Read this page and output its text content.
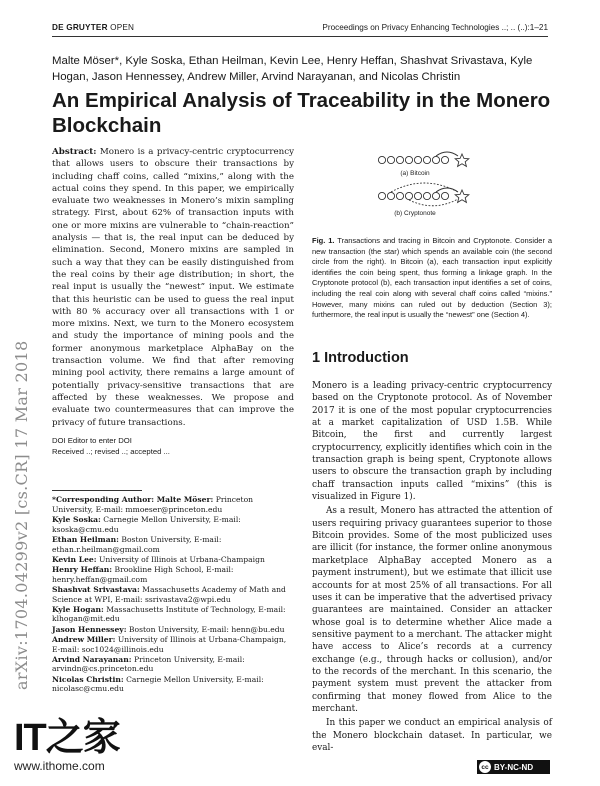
DE GRUYTER OPEN	Proceedings on Privacy Enhancing Technologies ..; .. (..):1–21
Malte Möser*, Kyle Soska, Ethan Heilman, Kevin Lee, Henry Heffan, Shashvat Srivastava, Kyle Hogan, Jason Hennessey, Andrew Miller, Arvind Narayanan, and Nicolas Christin
An Empirical Analysis of Traceability in the Monero Blockchain
arXiv:1704.04299v2 [cs.CR] 17 Mar 2018

Abstract: Monero is a privacy-centric cryptocurrency that allows users to obscure their transactions by including chaff coins, called “mixins,” along with the actual coins they spend. In this paper, we empirically evaluate two weaknesses in Monero’s mixin sampling strategy. First, about 62% of transaction inputs with one or more mixins are vulnerable to “chain-reaction” analysis — that is, the real input can be deduced by elimination. Second, Monero mixins are sampled in such a way that they can be easily distinguished from the real coins by their age distribution; in short, the real input is usually the “newest” input. We estimate that this heuristic can be used to guess the real input with 80 % accuracy over all transactions with 1 or more mixins. Next, we turn to the Monero ecosystem and study the importance of mining pools and the former anonymous marketplace AlphaBay on the transaction volume. We find that after removing mining pool activity, there remains a large amount of potentially privacy-sensitive transactions that are affected by these weaknesses. We propose and evaluate two countermeasures that can improve the privacy of future transactions.

DOI Editor to enter DOI
Received ..; revised ..; accepted ...

*Corresponding Author: Malte Möser: Princeton University, E-mail: mmoeser@princeton.edu

Kyle Soska: Carnegie Mellon University, E-mail: ksoska@cmu.edu

Ethan Heilman: Boston University, E-mail: ethan.r.heilman@gmail.com

Kevin Lee: University of Illinois at Urbana-Champaign

Henry Heffan: Brookline High School, E-mail: henry.heffan@gmail.com

Shashvat Srivastava: Massachusetts Academy of Math and Science at WPI, E-mail: ssrivastava2@wpi.edu

Kyle Hogan: Massachusetts Institute of Technology, E-mail: klhogan@mit.edu

Jason Hennessey: Boston University, E-mail: henn@bu.edu

Andrew Miller: University of Illinois at Urbana-Champaign, E-mail: soc1024@illinois.edu

Arvind Narayanan: Princeton University, E-mail: arvindn@cs.princeton.edu

Nicolas Christin: Carnegie Mellon University, E-mail: nicolasc@cmu.edu

(a) Bitcoin
(b) Cryptonote
Fig. 1. Transactions and tracing in Bitcoin and Cryptonote. Consider a new transaction (the star) which spends an available coin (the second circle from the right). In Bitcoin (a), each transaction input explicitly identifies the coin being spent, thus forming a linkage graph. In the Cryptonote protocol (b), each transaction input identifies a set of coins, including the real coin along with several chaff coins called “mixins.” However, many mixins can ruled out by deduction (Section 3); furthermore, the real input is usually the “newest” one (Section 4).
1 Introduction

Monero is a leading privacy-centric cryptocurrency based on the Cryptonote protocol. As of November 2017 it is one of the most popular cryptocurrencies at a market capitalization of USD 1.5B. While Bitcoin, the first and currently largest cryptocurrency, explicitly identifies which coin in the transaction graph is being spent, Cryptonote allows users to obscure the transaction graph by including chaff transaction inputs called “mixins” (this is visualized in Figure 1).

As a result, Monero has attracted the attention of users requiring privacy guarantees superior to those Bitcoin provides. Some of the most publicized uses are illicit (for instance, the former online anonymous marketplace AlphaBay accepted Monero as a payment instrument), but we estimate that illicit use accounts for at most 25% of all transactions. For all uses it can be imperative that the advertised privacy guarantees are maintained. Consider an attacker whose goal is to determine whether Alice made a sensitive payment to a merchant. The attacker might have access to Alice’s records at a currency exchange (e.g., through hacks or collusion), and/or to the records of the merchant. In this scenario, the payment system must prevent the attacker from confirming that money flowed from Alice to the merchant.

In this paper we conduct an empirical analysis of the Monero blockchain dataset. In particular, we eval-

IT之家
www.ithome.com	cc BY-NC-ND
